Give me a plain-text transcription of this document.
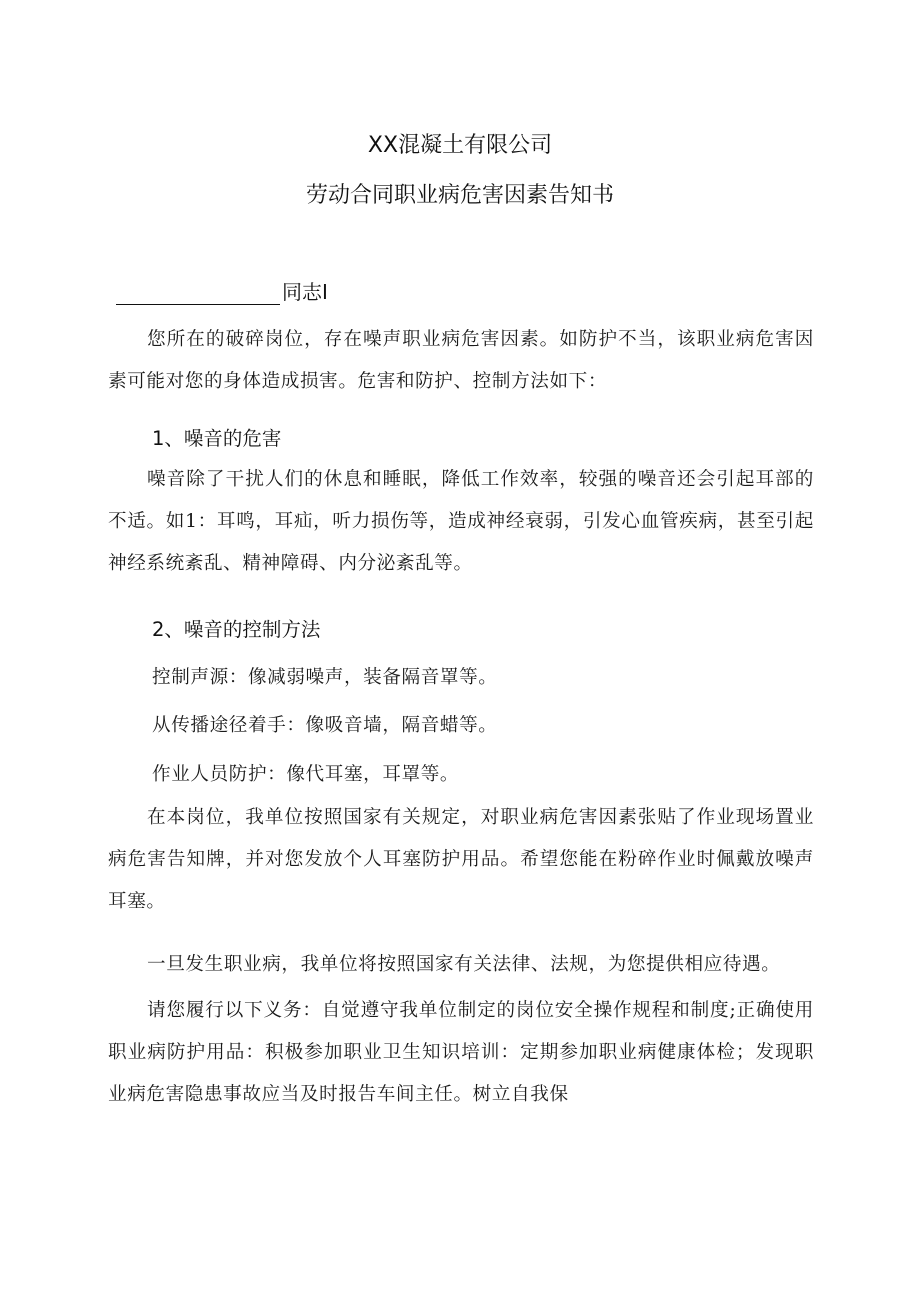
XX混凝土有限公司
劳动合同职业病危害因素告知书
同志I

您所在的破碎岗位，存在噪声职业病危害因素。如防护不当，该职业病危害因素可能对您的身体造成损害。危害和防护、控制方法如下：

1、噪音的危害

噪音除了干扰人们的休息和睡眠，降低工作效率，较强的噪音还会引起耳部的不适。如1：耳鸣，耳疝，听力损伤等，造成神经衰弱，引发心血管疾病，甚至引起神经系统紊乱、精神障碍、内分泌紊乱等。

2、噪音的控制方法
控制声源：像减弱噪声，装备隔音罩等。
从传播途径着手：像吸音墙，隔音蜡等。
作业人员防护：像代耳塞，耳罩等。

在本岗位，我单位按照国家有关规定，对职业病危害因素张贴了作业现场置业病危害告知牌，并对您发放个人耳塞防护用品。希望您能在粉碎作业时佩戴放噪声耳塞。

一旦发生职业病，我单位将按照国家有关法律、法规，为您提供相应待遇。

请您履行以下义务：自觉遵守我单位制定的岗位安全操作规程和制度;正确使用职业病防护用品：积极参加职业卫生知识培训：定期参加职业病健康体检；发现职业病危害隐患事故应当及时报告车间主任。树立自我保
